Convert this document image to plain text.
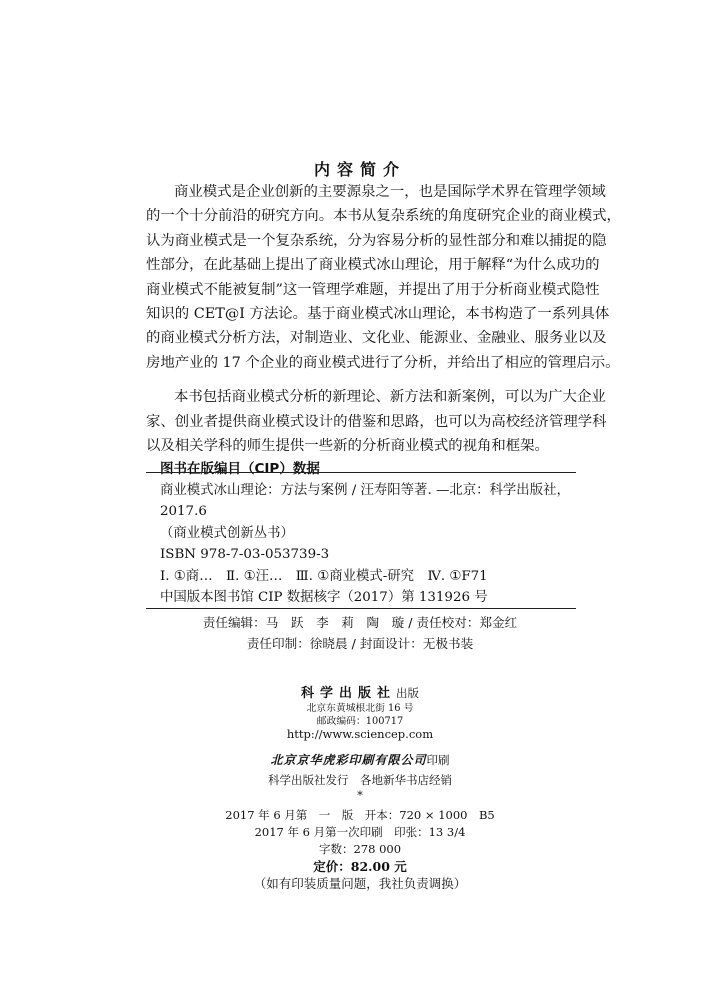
内容简介
商业模式是企业创新的主要源泉之一，也是国际学术界在管理学领域
的一个十分前沿的研究方向。本书从复杂系统的角度研究企业的商业模式，
认为商业模式是一个复杂系统，分为容易分析的显性部分和难以捕捉的隐
性部分，在此基础上提出了商业模式冰山理论，用于解释“为什么成功的
商业模式不能被复制”这一管理学难题，并提出了用于分析商业模式隐性
知识的 CET@I 方法论。基于商业模式冰山理论，本书构造了一系列具体
的商业模式分析方法，对制造业、文化业、能源业、金融业、服务业以及
房地产业的 17 个企业的商业模式进行了分析，并给出了相应的管理启示。
本书包括商业模式分析的新理论、新方法和新案例，可以为广大企业
家、创业者提供商业模式设计的借鉴和思路，也可以为高校经济管理学科
以及相关学科的师生提供一些新的分析商业模式的视角和框架。
图书在版编目（CIP）数据
商业模式冰山理论：方法与案例 / 汪寿阳等著. —北京：科学出版社，
2017.6
（商业模式创新丛书）
ISBN 978-7-03-053739-3
Ⅰ. ①商…　Ⅱ. ①汪…　Ⅲ. ①商业模式-研究　Ⅳ. ①F71
中国版本图书馆 CIP 数据核字（2017）第 131926 号
责任编辑：马　跃　李　莉　陶　璇 / 责任校对：郑金红
责任印制：徐晓晨 / 封面设计：无极书装
科学出版社出版
北京东黄城根北街 16 号
邮政编码：100717
http://www.sciencep.com
北京京华虎彩印刷有限公司印刷
科学出版社发行　各地新华书店经销
*
2017 年 6 月第　一　版　开本：720 × 1000　B5
2017 年 6 月第一次印刷　印张：13 3/4
字数：278 000
定价：82.00 元
（如有印装质量问题，我社负责调换）
